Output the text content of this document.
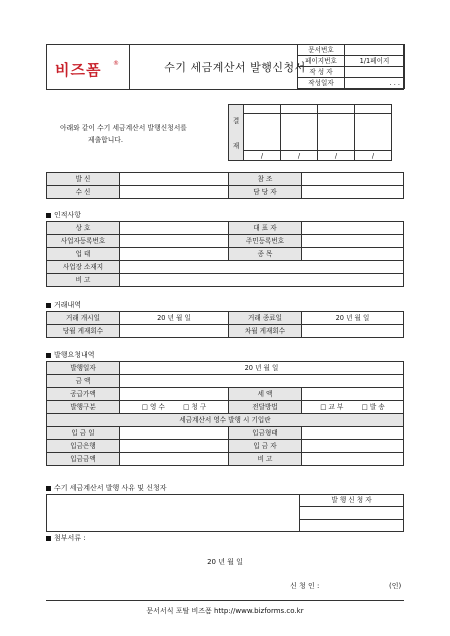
비즈폼 ®	수기 세금계산서 발행신청서
문서번호	
페이지번호	1/1페이지
작 성 자	
작성일자	. . .
아래와 같이 수기 세금계산서 발행신청서를
제출합니다.
결
재				

	/	/	/	/
발 신		참 조	
수 신		담 당 자	
인적사항
상 호		대 표 자	
사업자등록번호		주민등록번호	
업 태		종 목	
사업장 소재지			
비 고			
거래내역
거래 개시일	20 년 월 일	거래 종료일	20 년 월 일
당월 게재회수		차월 게재회수	
발행요청내역
발행일자	20 년 월 일		
금 액			
공급가액		세 액	
발행구분	□ 영 수 □ 청 구	전달방법	□ 교 부 □ 발 송
세금계산서 영수 발행 시 기입란			
입 금 일		입금형태	
입금은행		입 금 자	
입금금액		비 고	
수기 세금계산서 발행 사유 및 신청자
	발 행 신 청 자

첨부서류 :
20 년 월 일
신 청 인 :	(인)
문서서식 포탈 비즈폼 http://www.bizforms.co.kr
